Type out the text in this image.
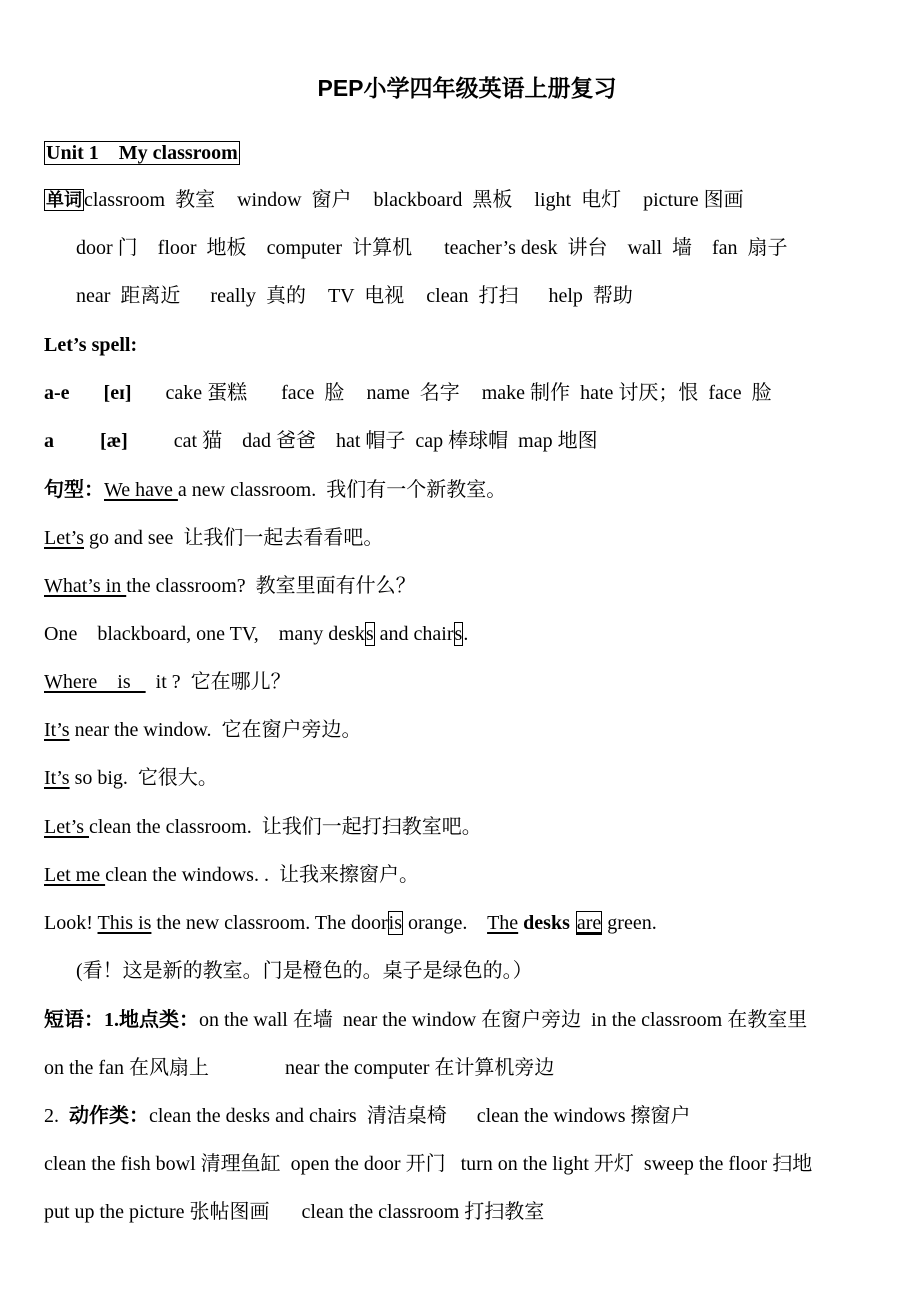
PEP小学四年级英语上册复习
Unit 1    My classroom
单词 classroom  教室 window  窗户 blackboard  黑板 light  电灯 picture 图画
door 门 floor  地板 computer  计算机 teacher’s desk  讲台 wall  墙 fan  扇子
near  距离近 really  真的 TV  电视 clean  打扫 help  帮助
Let’s spell:
a-e [eɪ] cake 蛋糕 face  脸 name  名字 make 制作 hate 讨厌；恨 face  脸
a [æ] cat 猫 dad 爸爸 hat 帽子 cap 棒球帽 map 地图
句型：We have a new classroom.  我们有一个新教室。
Let’s go and see  让我们一起去看看吧。
What’s in the classroom?  教室里面有什么？
One    blackboard, one TV,    many desks and chairs.
Where    is     it ?  它在哪儿？
It’s near the window.  它在窗户旁边。
It’s so big.  它很大。
Let’s clean the classroom.  让我们一起打扫教室吧。
Let me clean the windows. .  让我来擦窗户。
Look! This is the new classroom. The dooris orange.    The desks are green.
(看！这是新的教室。门是橙色的。桌子是绿色的。）
短语：1.地点类：on the wall 在墙  near the window 在窗户旁边  in the classroom 在教室里
on the fan 在风扇上	near the computer 在计算机旁边
2.  动作类：clean the desks and chairs  清洁桌椅 clean the windows 擦窗户
clean the fish bowl 清理鱼缸  open the door 开门   turn on the light 开灯  sweep the floor 扫地
put up the picture 张帖图画 clean the classroom 打扫教室
